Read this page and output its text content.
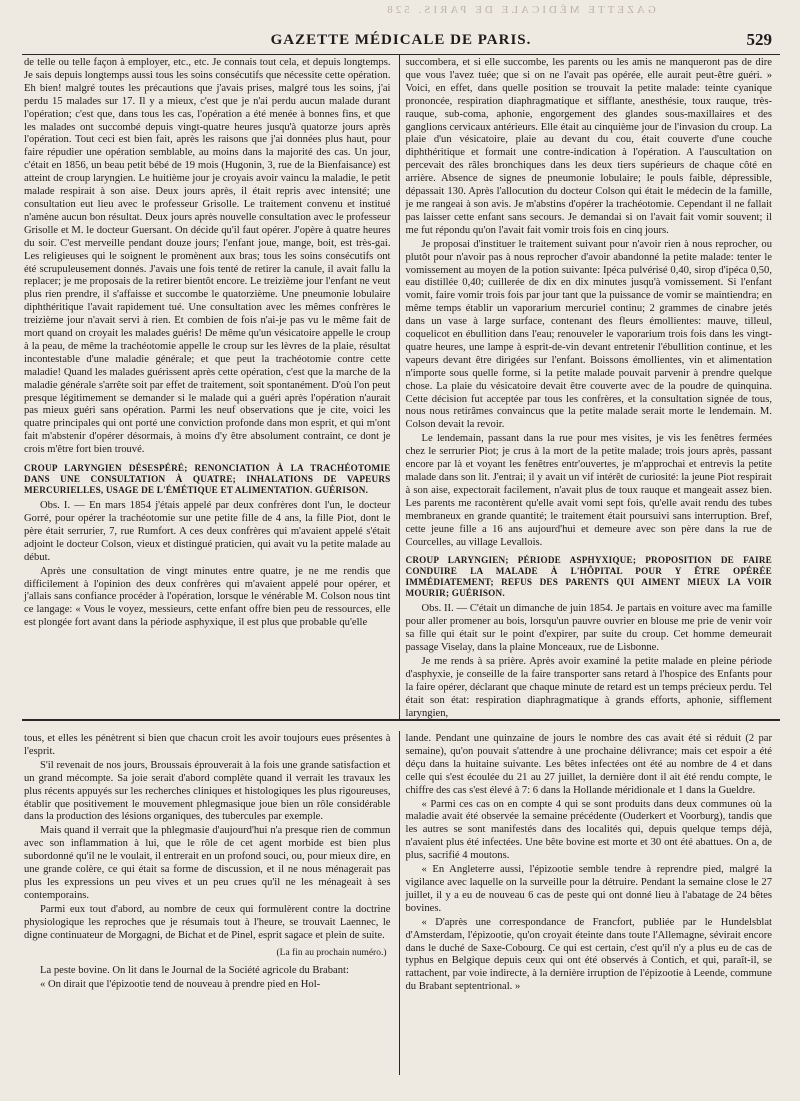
GAZETTE MÉDICALE DE PARIS. 528
GAZETTE MÉDICALE DE PARIS.	529

de telle ou telle façon à employer, etc., etc. Je connais tout cela, et depuis longtemps. Je sais depuis longtemps aussi tous les soins consécutifs que nécessite cette opération. Eh bien! malgré toutes les précautions que j'avais prises, malgré tous les soins, j'ai perdu 15 malades sur 17. Il y a mieux, c'est que je n'ai perdu aucun malade durant l'opération; c'est que, dans tous les cas, l'opération a été menée à bonnes fins, et que les malades ont succombé depuis vingt-quatre heures jusqu'à quatorze jours après l'opération. Tout ceci est bien fait, après les raisons que j'ai données plus haut, pour faire répudier une opération semblable, au moins dans la majorité des cas. Un jour, c'était en 1856, un beau petit bébé de 19 mois (Hugonin, 3, rue de la Bienfaisance) est atteint de croup laryngien. Le huitième jour je croyais avoir vaincu la maladie, le petit malade respirait à son aise. Deux jours après, il était repris avec intensité; une consultation eut lieu avec le professeur Grisolle. Le traitement convenu et institué n'amène aucun bon résultat. Deux jours après nouvelle consultation avec le professeur Grisolle et M. le docteur Guersant. On décide qu'il faut opérer. J'opère à quatre heures du soir. C'est merveille pendant douze jours; l'enfant joue, mange, boit, est très-gai. Les religieuses qui le soignent le promènent aux bras; tous les soins consécutifs ont été scrupuleusement donnés. J'avais une fois tenté de retirer la canule, il avait fallu la replacer; je me proposais de la retirer bientôt encore. Le treizième jour l'enfant ne veut plus rien prendre, il s'affaisse et succombe le quatorzième. Une pneumonie lobulaire diphthéritique l'avait rapidement tué. Une consultation avec les mêmes confrères le treizième jour n'avait servi à rien. Et combien de fois n'ai-je pas vu le même fait de mort quand on croyait les malades guéris! De même qu'un vésicatoire appelle le croup à la peau, de même la trachéotomie appelle le croup sur les lèvres de la plaie, résultat incontestable d'une maladie générale; et que peut la trachéotomie contre cette maladie! Quand les malades guérissent après cette opération, c'est que la marche de la maladie générale s'arrête soit par effet de traitement, soit spontanément. D'où l'on peut presque légitimement se demander si le malade qui a guéri après l'opération n'aurait pas mieux guéri sans opération. Parmi les neuf observations que je cite, voici les quatre principales qui ont porté une conviction profonde dans mon esprit, et qui m'ont fait m'abstenir d'opérer désormais, à moins d'y être absolument contraint, ce dont je crois m'être fort bien trouvé.

CROUP LARYNGIEN DÉSESPÉRÉ; RENONCIATION À LA TRACHÉOTOMIE DANS UNE CONSULTATION À QUATRE; INHALATIONS DE VAPEURS MERCURIELLES, USAGE DE L'ÉMÉTIQUE ET ALIMENTATION. GUÉRISON.

Obs. I. — En mars 1854 j'étais appelé par deux confrères dont l'un, le docteur Gorré, pour opérer la trachéotomie sur une petite fille de 4 ans, la fille Piot, dont le père était serrurier, 7, rue Rumfort. A ces deux confrères qui m'avaient appelé s'était adjoint le docteur Colson, vieux et distingué praticien, qui avait vu la petite malade au début.

Après une consultation de vingt minutes entre quatre, je ne me rendis que difficilement à l'opinion des deux confrères qui m'avaient appelé pour opérer, et j'allais sans confiance procéder à l'opération, lorsque le vénérable M. Colson nous tint ce langage: « Vous le voyez, messieurs, cette enfant offre bien peu de ressources, elle est plongée fort avant dans la période asphyxique, il est plus que probable qu'elle

succombera, et si elle succombe, les parents ou les amis ne manqueront pas de dire que vous l'avez tuée; que si on ne l'avait pas opérée, elle aurait peut-être guéri. » Voici, en effet, dans quelle position se trouvait la petite malade: teinte cyanique prononcée, respiration diaphragmatique et sifflante, anesthésie, toux rauque, très-rauque, sub-coma, aphonie, engorgement des glandes sous-maxillaires et des ganglions cervicaux antérieurs. Elle était au cinquième jour de l'invasion du croup. La plaie d'un vésicatoire, plaie au devant du cou, était couverte d'une couche diphthéritique et formait une contre-indication à l'opération. A l'auscultation on percevait des râles bronchiques dans les deux tiers supérieurs de chaque côté en arrière. Absence de signes de pneumonie lobulaire; le pouls faible, dépressible, dépassait 130. Après l'allocution du docteur Colson qui était le médecin de la famille, je me rangeai à son avis. Je m'abstins d'opérer la trachéotomie. Cependant il ne fallait pas laisser cette enfant sans secours. Je demandai si on l'avait fait vomir souvent; il me fut répondu qu'on l'avait fait vomir trois fois en cinq jours.

Je proposai d'instituer le traitement suivant pour n'avoir rien à nous reprocher, ou plutôt pour n'avoir pas à nous reprocher d'avoir abandonné la petite malade: tenter le vomissement au moyen de la potion suivante: Ipéca pulvérisé 0,40, sirop d'ipéca 0,50, eau distillée 0,40; cuillerée de dix en dix minutes jusqu'à vomissement. Si l'enfant vomit, faire vomir trois fois par jour tant que la puissance de vomir se maintiendra; en même temps établir un vaporarium mercuriel continu; 2 grammes de cinabre jetés dans un vase à large surface, contenant des fleurs émollientes: mauve, tilleul, coquelicot en ébullition dans l'eau; renouveler le vaporarium trois fois dans les vingt-quatre heures, une lampe à esprit-de-vin devant entretenir l'ébullition continue, et les vapeurs devant être dirigées sur l'enfant. Boissons émollientes, vin et alimentation n'importe sous quelle forme, si la petite malade pouvait parvenir à prendre quelque chose. La plaie du vésicatoire devait être couverte avec de la poudre de quinquina. Cette décision fut acceptée par tous les confrères, et la consultation signée de tous, nous nous retirâmes convaincus que la petite malade serait morte le lendemain. M. Colson devait la revoir.

Le lendemain, passant dans la rue pour mes visites, je vis les fenêtres fermées chez le serrurier Piot; je crus à la mort de la petite malade; trois jours après, passant encore par là et voyant les fenêtres entr'ouvertes, je m'approchai et entrevis la petite malade dans son lit. J'entrai; il y avait un vif intérêt de curiosité: la jeune Piot respirait à son aise, expectorait facilement, n'avait plus de toux rauque et mangeait assez bien. Les parents me racontèrent qu'elle avait vomi sept fois, qu'elle avait rendu des tubes membraneux en grande quantité; le traitement était poursuivi sans interruption. Bref, cette jeune fille a 16 ans aujourd'hui et demeure avec son père dans la rue de Courcelles, au village Levallois.

CROUP LARYNGIEN; PÉRIODE ASPHYXIQUE; PROPOSITION DE FAIRE CONDUIRE LA MALADE À L'HÔPITAL POUR Y ÊTRE OPÉRÉE IMMÉDIATEMENT; REFUS DES PARENTS QUI AIMENT MIEUX LA VOIR MOURIR; GUÉRISON.

Obs. II. — C'était un dimanche de juin 1854. Je partais en voiture avec ma famille pour aller promener au bois, lorsqu'un pauvre ouvrier en blouse me prie de venir voir sa fille qui était sur le point d'expirer, par suite du croup. Cet homme demeurait passage Viselay, dans la plaine Monceaux, rue de Lisbonne.

Je me rends à sa prière. Après avoir examiné la petite malade en pleine période d'asphyxie, je conseille de la faire transporter sans retard à l'hospice des Enfants pour la faire opérer, déclarant que chaque minute de retard est un temps précieux perdu. Tel était son état: respiration diaphragmatique à grands efforts, aphonie, sifflement laryngien,

tous, et elles les pénètrent si bien que chacun croit les avoir toujours eues présentes à l'esprit.

S'il revenait de nos jours, Broussais éprouverait à la fois une grande satisfaction et un grand mécompte. Sa joie serait d'abord complète quand il verrait les travaux les plus récents appuyés sur les recherches cliniques et histologiques les plus rigoureuses, établir que positivement le mouvement phlegmasique joue bien un rôle considérable dans la production des lésions organiques, des tubercules par exemple.

Mais quand il verrait que la phlegmasie d'aujourd'hui n'a presque rien de commun avec son inflammation à lui, que le rôle de cet agent morbide est bien plus subordonné qu'il ne le voulait, il entrerait en un profond souci, ou, pour mieux dire, en une grande colère, ce qui était sa forme de discussion, et il ne nous ménagerait pas plus les expressions un peu vives et un peu crues qu'il ne les ménageait à ses contemporains.

Parmi eux tout d'abord, au nombre de ceux qui formulèrent contre la doctrine physiologique les reproches que je résumais tout à l'heure, se trouvait Laennec, le digne continuateur de Morgagni, de Bichat et de Pinel, esprit sagace et plein de suite.

(La fin au prochain numéro.)

La peste bovine. On lit dans le Journal de la Société agricole du Brabant:

« On dirait que l'épizootie tend de nouveau à prendre pied en Hol-

lande. Pendant une quinzaine de jours le nombre des cas avait été si réduit (2 par semaine), qu'on pouvait s'attendre à une prochaine délivrance; mais cet espoir a été déçu dans la huitaine suivante. Les bêtes infectées ont été au nombre de 4 et dans celle qui s'est écoulée du 21 au 27 juillet, la dernière dont il ait été rendu compte, le chiffre des cas s'est élevé à 7: 6 dans la Hollande méridionale et 1 dans la Gueldre.

« Parmi ces cas on en compte 4 qui se sont produits dans deux communes où la maladie avait été observée la semaine précédente (Ouderkert et Voorburg), tandis que les autres se sont manifestés dans des localités qui, depuis quelque temps déjà, n'avaient plus été infectées. Une bête bovine est morte et 30 ont été abattues. On a, de plus, sacrifié 4 moutons.

« En Angleterre aussi, l'épizootie semble tendre à reprendre pied, malgré la vigilance avec laquelle on la surveille pour la détruire. Pendant la semaine close le 27 juillet, il y a eu de nouveau 6 cas de peste qui ont donné lieu à l'abatage de 24 bêtes bovines.

« D'après une correspondance de Francfort, publiée par le Hundelsblat d'Amsterdam, l'épizootie, qu'on croyait éteinte dans toute l'Allemagne, sévirait encore dans le duché de Saxe-Cobourg. Ce qui est certain, c'est qu'il n'y a plus eu de cas de typhus en Belgique depuis ceux qui ont été observés à Contich, et qui, paraît-il, se rattachent, par voie indirecte, à la dernière irruption de l'épizootie à Leende, commune du Brabant septentrional. »
